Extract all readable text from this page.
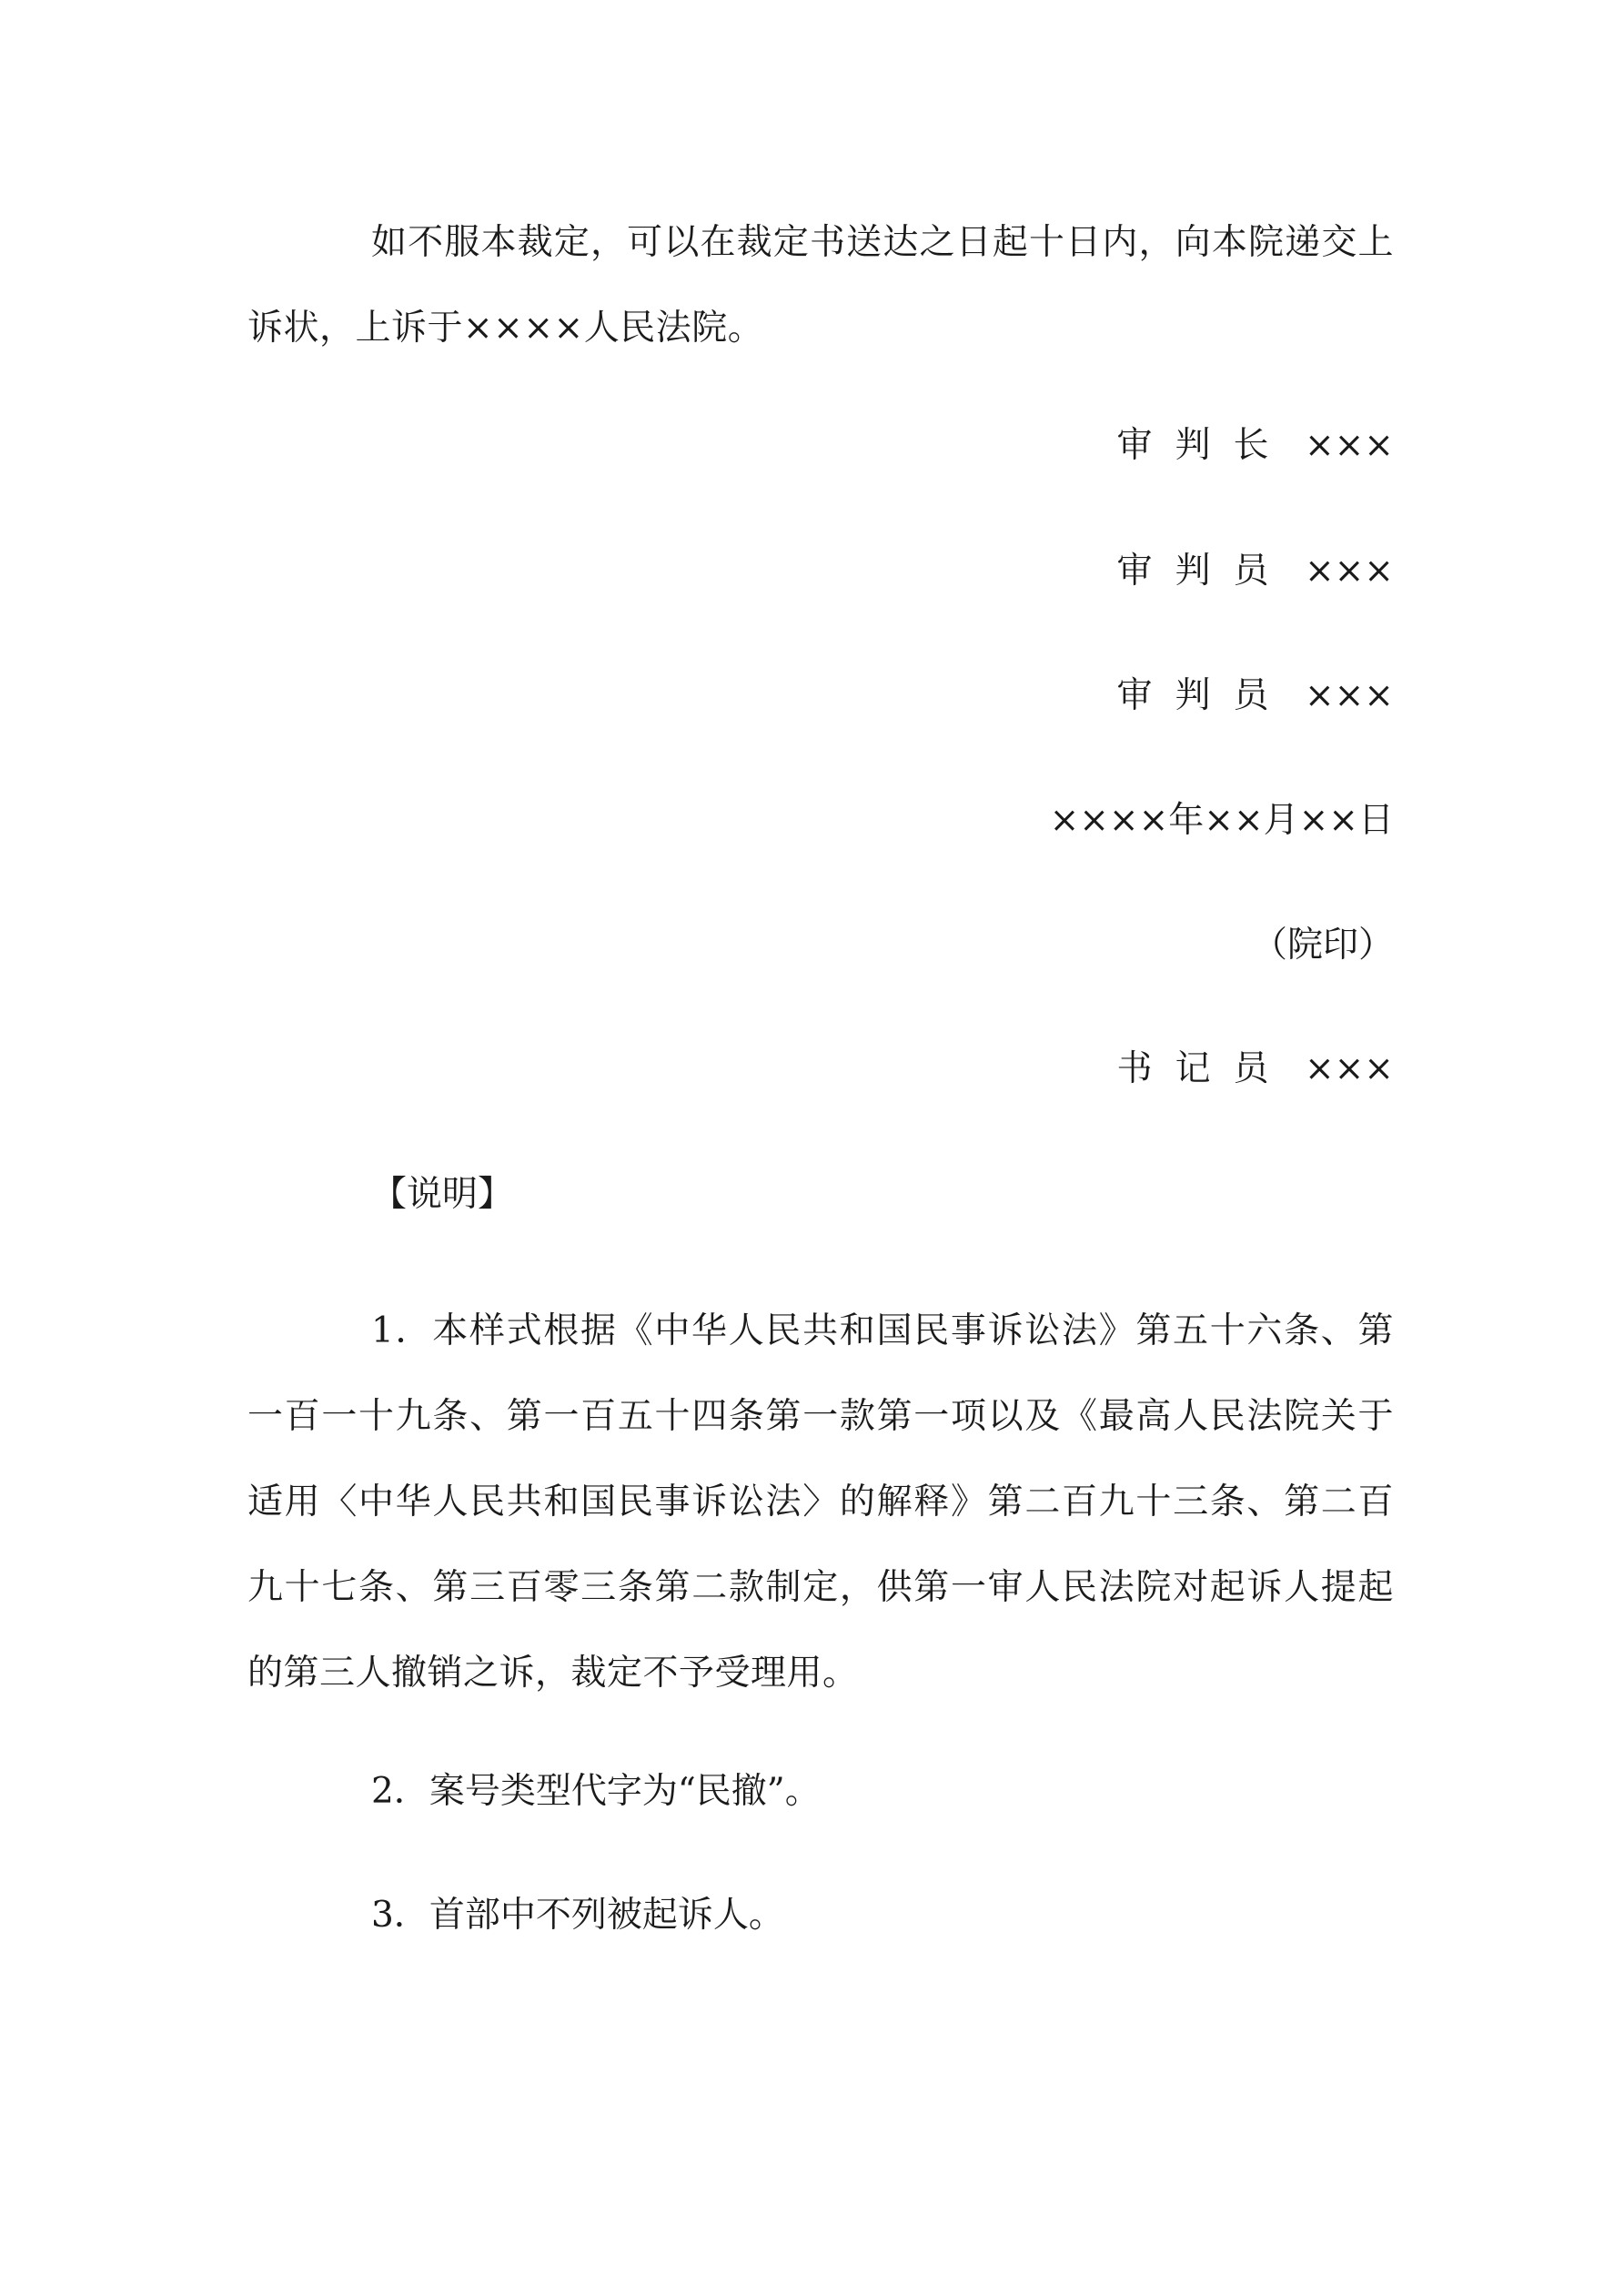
如不服本裁定，可以在裁定书送达之日起十日内，向本院递交上诉状，上诉于××××人民法院。

审判长 ×××
审判员 ×××
审判员 ×××
××××年××月××日
（院印）
书记员 ×××
【说明】

1．本样式根据《中华人民共和国民事诉讼法》第五十六条、第一百一十九条、第一百五十四条第一款第一项以及《最高人民法院关于适用〈中华人民共和国民事诉讼法〉的解释》第二百九十三条、第二百九十七条、第三百零三条第二款制定，供第一审人民法院对起诉人提起的第三人撤销之诉，裁定不予受理用。

2．案号类型代字为“民撤”。
3．首部中不列被起诉人。
